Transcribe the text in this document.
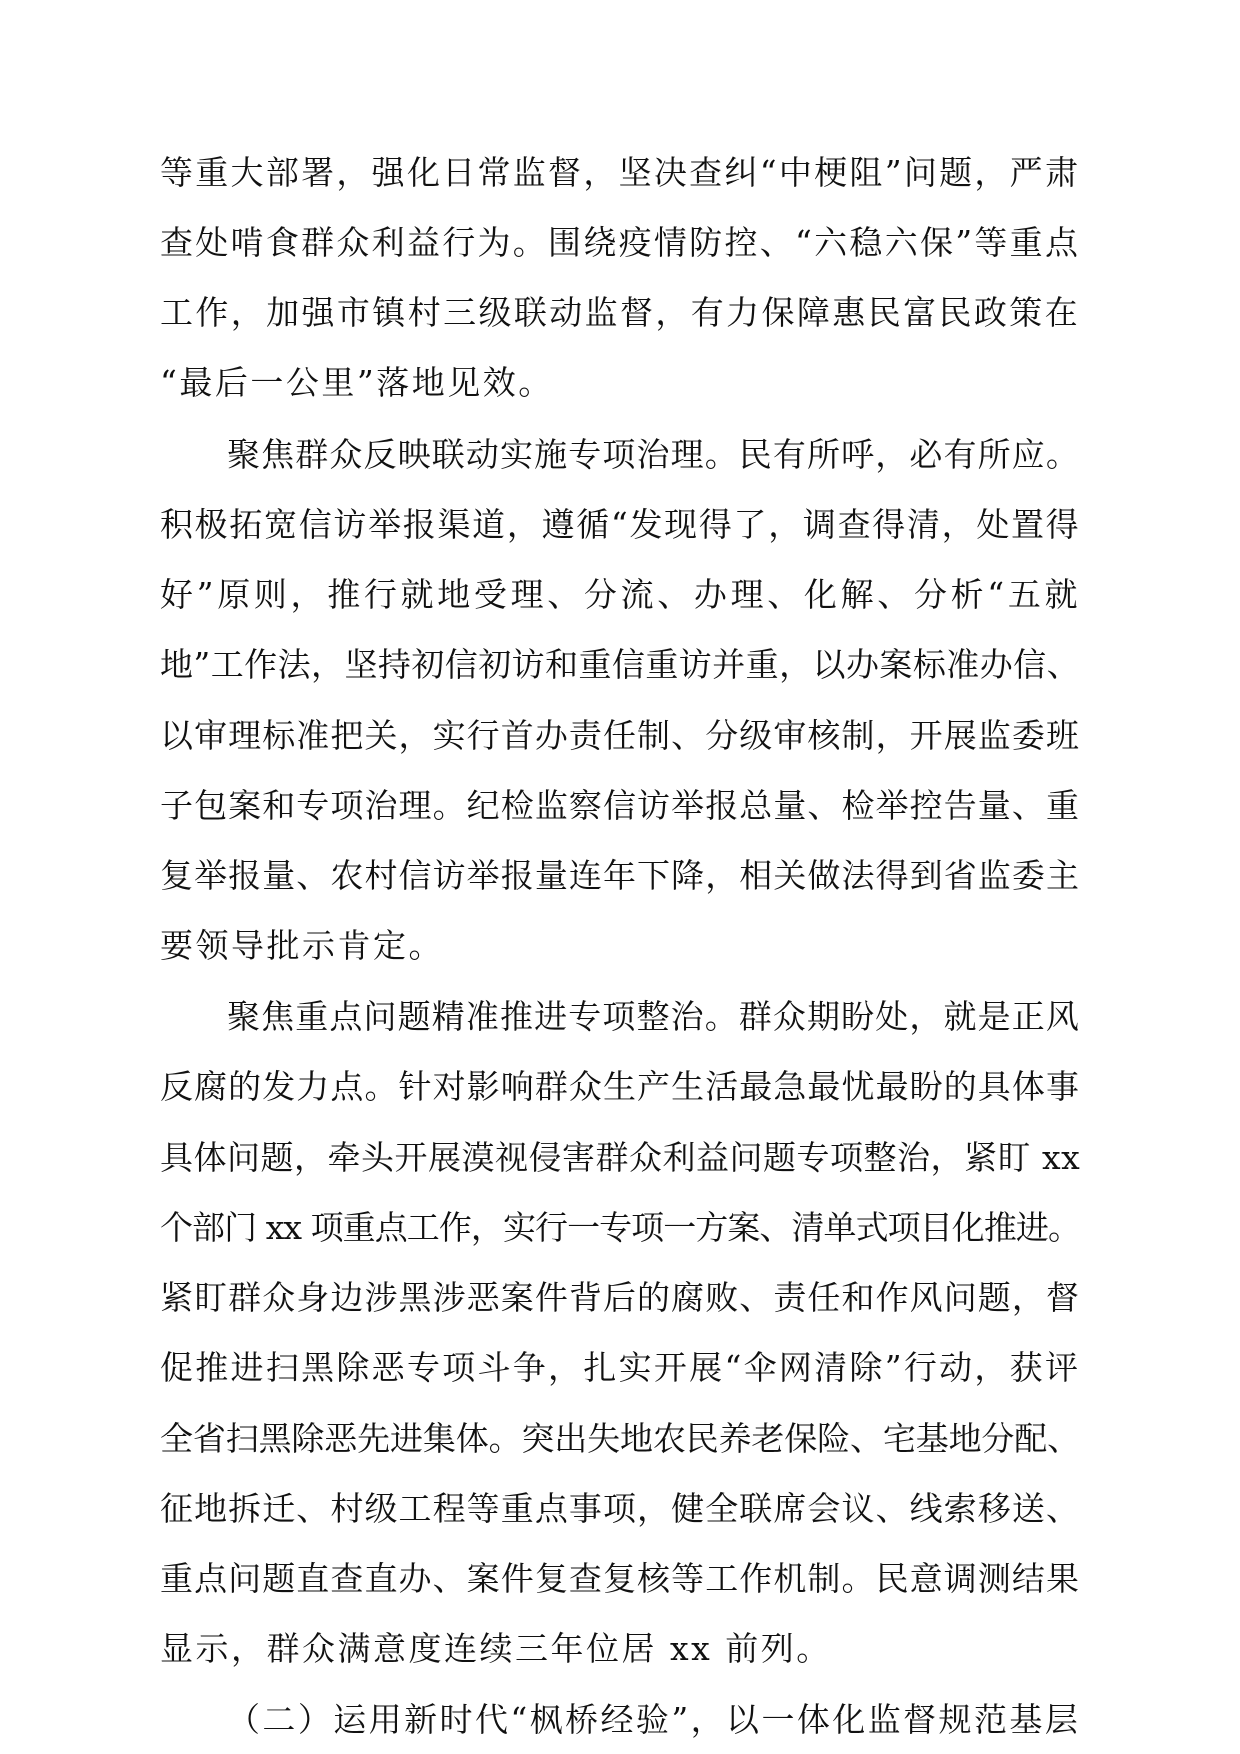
等重大部署，强化日常监督，坚决查纠“中梗阻”问题，严肃
查处啃食群众利益行为。围绕疫情防控、“六稳六保”等重点
工作，加强市镇村三级联动监督，有力保障惠民富民政策在
“最后一公里”落地见效。
聚焦群众反映联动实施专项治理。民有所呼，必有所应。
积极拓宽信访举报渠道，遵循“发现得了，调查得清，处置得
好”原则，推行就地受理、分流、办理、化解、分析“五就
地”工作法，坚持初信初访和重信重访并重，以办案标准办信、
以审理标准把关，实行首办责任制、分级审核制，开展监委班
子包案和专项治理。纪检监察信访举报总量、检举控告量、重
复举报量、农村信访举报量连年下降，相关做法得到省监委主
要领导批示肯定。
聚焦重点问题精准推进专项整治。群众期盼处，就是正风
反腐的发力点。针对影响群众生产生活最急最忧最盼的具体事
具体问题，牵头开展漠视侵害群众利益问题专项整治，紧盯 xx
个部门 xx 项重点工作，实行一专项一方案、清单式项目化推进。
紧盯群众身边涉黑涉恶案件背后的腐败、责任和作风问题，督
促推进扫黑除恶专项斗争，扎实开展“伞网清除”行动，获评
全省扫黑除恶先进集体。突出失地农民养老保险、宅基地分配、
征地拆迁、村级工程等重点事项，健全联席会议、线索移送、
重点问题直查直办、案件复查复核等工作机制。民意调测结果
显示，群众满意度连续三年位居 xx 前列。
（二）运用新时代“枫桥经验”，以一体化监督规范基层
